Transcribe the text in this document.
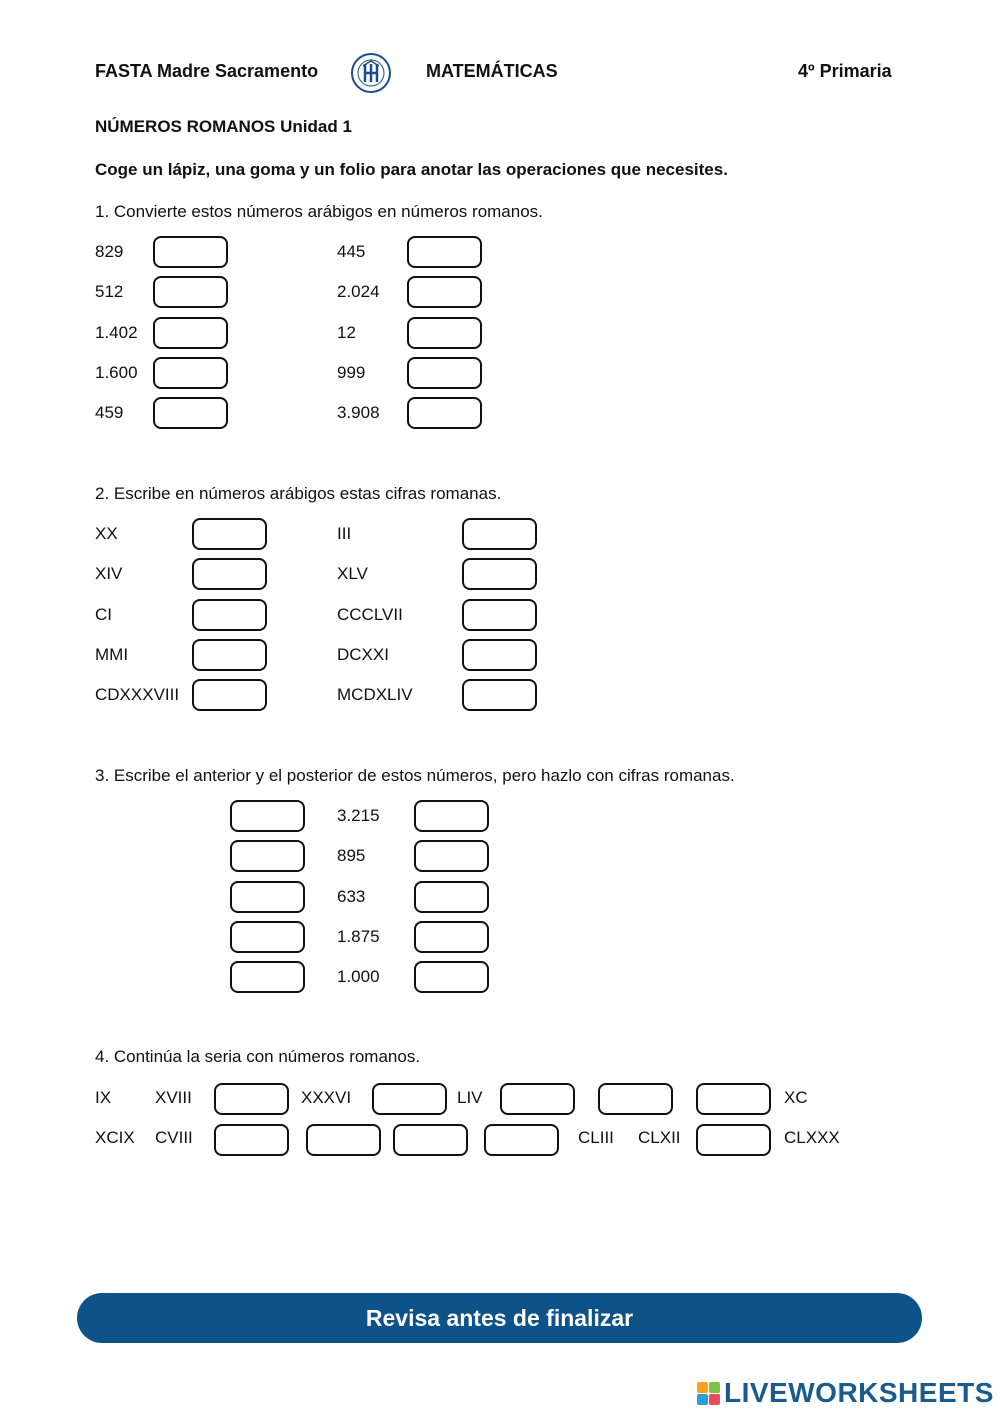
FASTA Madre Sacramento	MATEMÁTICAS	4º Primaria
NÚMEROS ROMANOS Unidad 1
Coge un lápiz, una goma y un folio para anotar las operaciones que necesites.
1. Convierte estos números arábigos en números romanos.
829	445
512	2.024
1.402	12
1.600	999
459	3.908
2. Escribe en números arábigos estas cifras romanas.
XX	III
XIV	XLV
CI	CCCLVII
MMI	DCXXI
CDXXXVIII	MCDXLIV
3. Escribe el anterior y el posterior de estos números, pero hazlo con cifras romanas.
3.215
895
633
1.875
1.000
4. Continúa la seria con números romanos.
IX	XVIII	XXXVI	LIV	XC
XCIX CVIII	CLIII CLXII	CLXXX
Revisa antes de finalizar
LIVEWORKSHEETS
